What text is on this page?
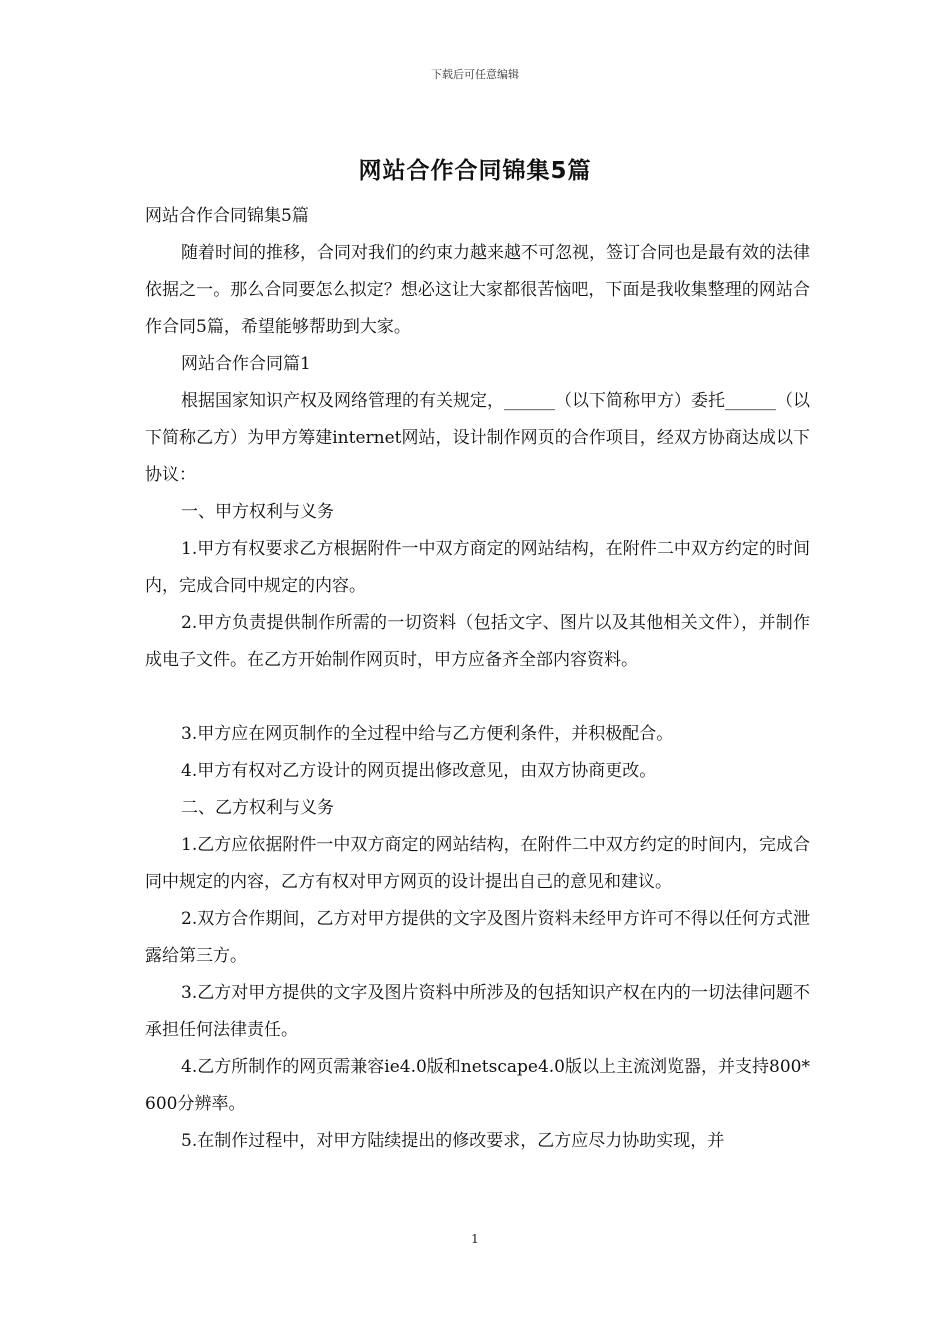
下载后可任意编辑
网站合作合同锦集5篇

网站合作合同锦集5篇

随着时间的推移，合同对我们的约束力越来越不可忽视，签订合同也是最有效的法律依据之一。那么合同要怎么拟定？想必这让大家都很苦恼吧，下面是我收集整理的网站合作合同5篇，希望能够帮助到大家。

网站合作合同篇1

根据国家知识产权及网络管理的有关规定，______（以下简称甲方）委托______（以下简称乙方）为甲方筹建internet网站，设计制作网页的合作项目，经双方协商达成以下协议：

一、甲方权利与义务

1.甲方有权要求乙方根据附件一中双方商定的网站结构，在附件二中双方约定的时间内，完成合同中规定的内容。

2.甲方负责提供制作所需的一切资料（包括文字、图片以及其他相关文件），并制作成电子文件。在乙方开始制作网页时，甲方应备齐全部内容资料。

3.甲方应在网页制作的全过程中给与乙方便利条件，并积极配合。

4.甲方有权对乙方设计的网页提出修改意见，由双方协商更改。

二、乙方权利与义务

1.乙方应依据附件一中双方商定的网站结构，在附件二中双方约定的时间内，完成合同中规定的内容，乙方有权对甲方网页的设计提出自己的意见和建议。

2.双方合作期间，乙方对甲方提供的文字及图片资料未经甲方许可不得以任何方式泄露给第三方。

3.乙方对甲方提供的文字及图片资料中所涉及的包括知识产权在内的一切法律问题不承担任何法律责任。

4.乙方所制作的网页需兼容ie4.0版和netscape4.0版以上主流浏览器，并支持800*600分辨率。

5.在制作过程中，对甲方陆续提出的修改要求，乙方应尽力协助实现，并

1
